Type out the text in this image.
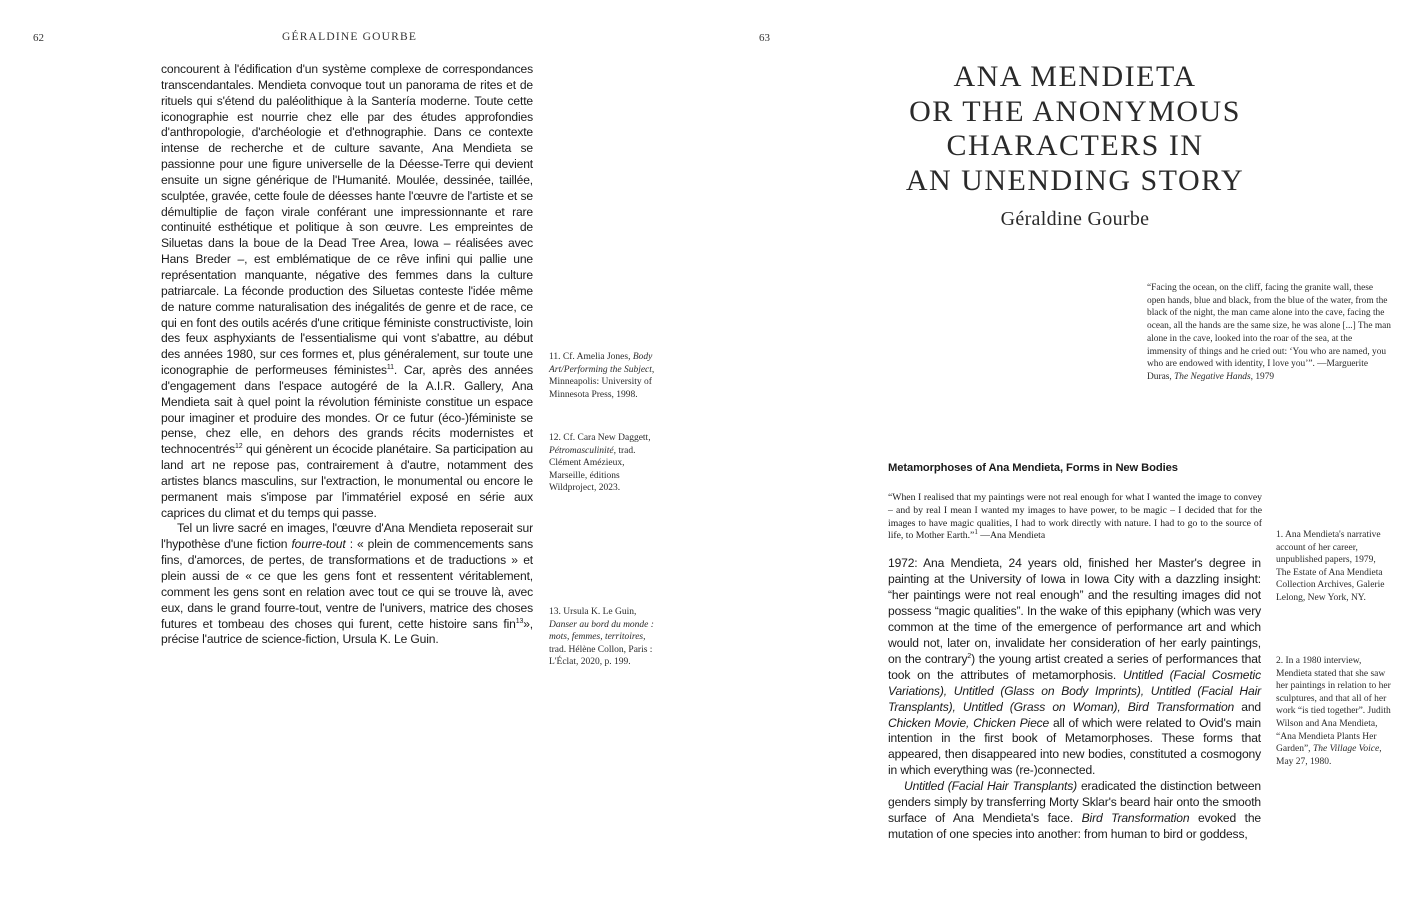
62	GÉRALDINE GOURBE

concourent à l'édification d'un système complexe de correspondances transcendantales. Mendieta convoque tout un panorama de rites et de rituels qui s'étend du paléolithique à la Santería moderne. Toute cette iconographie est nourrie chez elle par des études approfondies d'anthropologie, d'archéologie et d'ethnographie. Dans ce contexte intense de recherche et de culture savante, Ana Mendieta se passionne pour une figure universelle de la Déesse-Terre qui devient ensuite un signe générique de l'Humanité. Moulée, dessinée, taillée, sculptée, gravée, cette foule de déesses hante l'œuvre de l'artiste et se démultiplie de façon virale conférant une impressionnante et rare continuité esthétique et politique à son œuvre. Les empreintes de Siluetas dans la boue de la Dead Tree Area, Iowa – réalisées avec Hans Breder –, est emblématique de ce rêve infini qui pallie une représentation manquante, négative des femmes dans la culture patriarcale. La féconde production des Siluetas conteste l'idée même de nature comme naturalisation des inégalités de genre et de race, ce qui en font des outils acérés d'une critique féministe constructiviste, loin des feux asphyxiants de l'essentialisme qui vont s'abattre, au début des années 1980, sur ces formes et, plus généralement, sur toute une iconographie de performeuses féministes$^{11}$. Car, après des années d'engagement dans l'espace autogéré de la A.I.R. Gallery, Ana Mendieta sait à quel point la révolution féministe constitue un espace pour imaginer et produire des mondes. Or ce futur (éco-)féministe se pense, chez elle, en dehors des grands récits modernistes et technocentrés$^{12}$ qui génèrent un écocide planétaire. Sa participation au land art ne repose pas, contrairement à d'autre, notamment des artistes blancs masculins, sur l'extraction, le monumental ou encore le permanent mais s'impose par l'immatériel exposé en série aux caprices du climat et du temps qui passe.

Tel un livre sacré en images, l'œuvre d'Ana Mendieta reposerait sur l'hypothèse d'une fiction fourre-tout : « plein de commencements sans fins, d'amorces, de pertes, de transformations et de traductions » et plein aussi de « ce que les gens font et ressentent véritablement, comment les gens sont en relation avec tout ce qui se trouve là, avec eux, dans le grand fourre-tout, ventre de l'univers, matrice des choses futures et tombeau des choses qui furent, cette histoire sans fin$^{13}$», précise l'autrice de science-fiction, Ursula K. Le Guin.

11. Cf. Amelia Jones, Body Art/Performing the Subject, Minneapolis: University of Minnesota Press, 1998.
12. Cf. Cara New Daggett, Pétromasculinité, trad. Clément Amézieux, Marseille, éditions Wildproject, 2023.
13. Ursula K. Le Guin, Danser au bord du monde : mots, femmes, territoires, trad. Hélène Collon, Paris : L'Éclat, 2020, p. 199.
63
ANA MENDIETA
OR THE ANONYMOUS
CHARACTERS IN
AN UNENDING STORY
Géraldine Gourbe
“Facing the ocean, on the cliff, facing the granite wall, these open hands, blue and black, from the blue of the water, from the black of the night, the man came alone into the cave, facing the ocean, all the hands are the same size, he was alone [...] The man alone in the cave, looked into the roar of the sea, at the immensity of things and he cried out: ‘You who are named, you who are endowed with identity, I love you’”. —Marguerite Duras, The Negative Hands, 1979
Metamorphoses of Ana Mendieta, Forms in New Bodies
“When I realised that my paintings were not real enough for what I wanted the image to convey – and by real I mean I wanted my images to have power, to be magic – I decided that for the images to have magic qualities, I had to work directly with nature. I had to go to the source of life, to Mother Earth.”$^1$ —Ana Mendieta

1972: Ana Mendieta, 24 years old, finished her Master's degree in painting at the University of Iowa in Iowa City with a dazzling insight: “her paintings were not real enough” and the resulting images did not possess “magic qualities”. In the wake of this epiphany (which was very common at the time of the emergence of performance art and which would not, later on, invalidate her consideration of her early paintings, on the contrary$^2$) the young artist created a series of performances that took on the attributes of metamorphosis. Untitled (Facial Cosmetic Variations), Untitled (Glass on Body Imprints), Untitled (Facial Hair Transplants), Untitled (Grass on Woman), Bird Transformation and Chicken Movie, Chicken Piece all of which were related to Ovid's main intention in the first book of Metamorphoses. These forms that appeared, then disappeared into new bodies, constituted a cosmogony in which everything was (re-)connected.

Untitled (Facial Hair Transplants) eradicated the distinction between genders simply by transferring Morty Sklar's beard hair onto the smooth surface of Ana Mendieta's face. Bird Transformation evoked the mutation of one species into another: from human to bird or goddess,

1. Ana Mendieta's narrative account of her career, unpublished papers, 1979, The Estate of Ana Mendieta Collection Archives, Galerie Lelong, New York, NY.
2. In a 1980 interview, Mendieta stated that she saw her paintings in relation to her sculptures, and that all of her work “is tied together”. Judith Wilson and Ana Mendieta, “Ana Mendieta Plants Her Garden”, The Village Voice, May 27, 1980.
